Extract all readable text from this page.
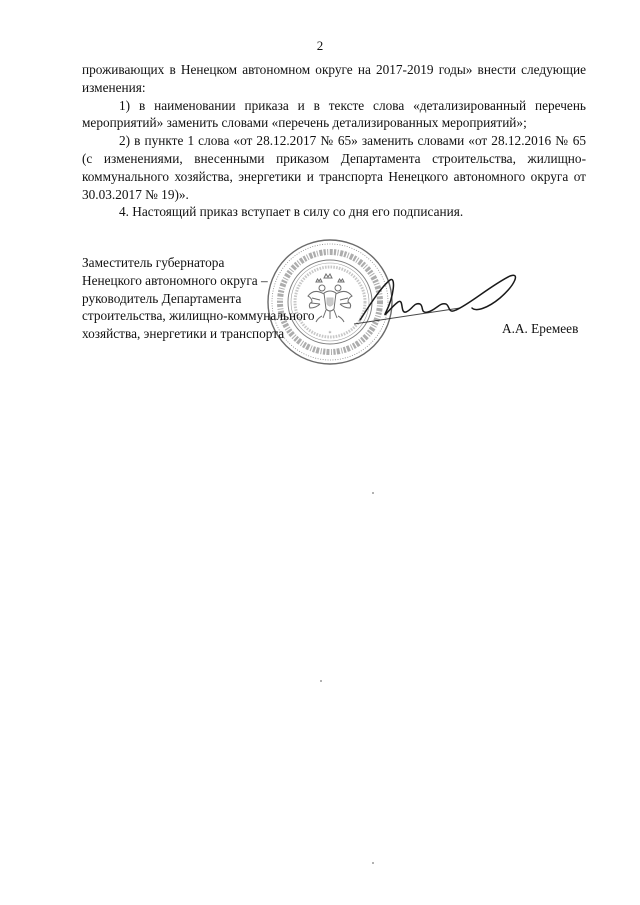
2

проживающих в Ненецком автономном округе на 2017-2019 годы» внести следующие изменения:

1) в наименовании приказа и в тексте слова «детализированный перечень мероприятий» заменить словами «перечень детализированных мероприятий»;

2) в пункте 1 слова «от 28.12.2017 № 65» заменить словами «от 28.12.2016 № 65 (с изменениями, внесенными приказом Департамента строительства, жилищно-коммунального хозяйства, энергетики и транспорта Ненецкого автономного округа от 30.03.2017 № 19)».

4. Настоящий приказ вступает в силу со дня его подписания.

✶
Заместитель губернатора
Ненецкого автономного округа –
руководитель Департамента
строительства, жилищно-коммунального
хозяйства, энергетики и транспорта	А.А. Еремеев
